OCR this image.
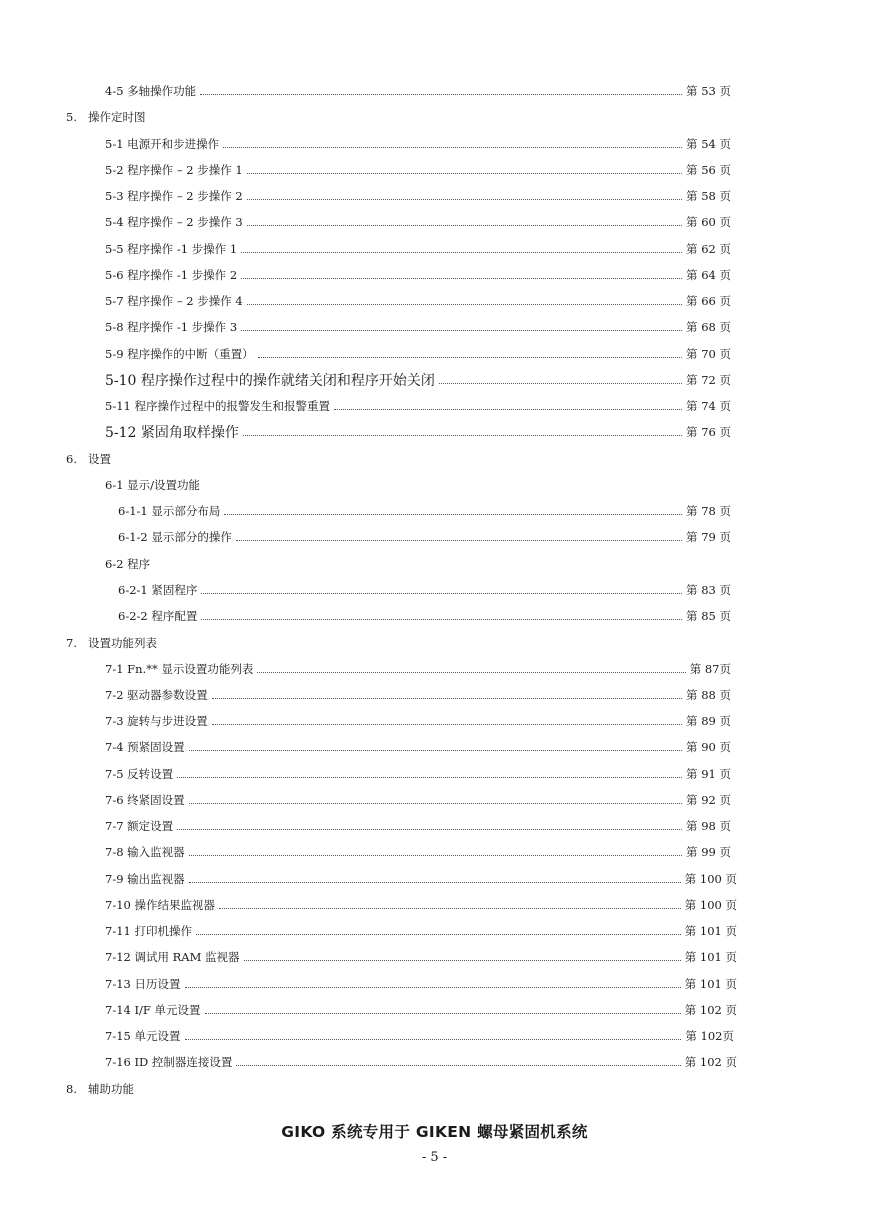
4-5 多轴操作功能	第 53 页
5. 操作定时图
5-1 电源开和步进操作	第 54 页
5-2 程序操作 – 2 步操作 1	第 56 页
5-3 程序操作 – 2 步操作 2	第 58 页
5-4 程序操作 – 2 步操作 3	第 60 页
5-5 程序操作 -1 步操作 1	第 62 页
5-6 程序操作 -1 步操作 2	第 64 页
5-7 程序操作 – 2 步操作 4	第 66 页
5-8 程序操作 -1 步操作 3	第 68 页
5-9 程序操作的中断（重置）	第 70 页
5-10 程序操作过程中的操作就绪关闭和程序开始关闭	第 72 页
5-11 程序操作过程中的报警发生和报警重置	第 74 页
5-12 紧固角取样操作	第 76 页
6. 设置
6-1 显示/设置功能
6-1-1 显示部分布局	第 78 页
6-1-2 显示部分的操作	第 79 页
6-2 程序
6-2-1 紧固程序	第 83 页
6-2-2 程序配置	第 85 页
7. 设置功能列表
7-1 Fn.** 显示设置功能列表	第 87页
7-2 驱动器参数设置	第 88 页
7-3 旋转与步进设置	第 89 页
7-4 预紧固设置	第 90 页
7-5 反转设置	第 91 页
7-6 终紧固设置	第 92 页
7-7 额定设置	第 98 页
7-8 输入监视器	第 99 页
7-9 输出监视器	第 100 页
7-10 操作结果监视器	第 100 页
7-11 打印机操作	第 101 页
7-12 调试用 RAM 监视器	第 101 页
7-13 日历设置	第 101 页
7-14 I/F 单元设置	第 102 页
7-15 单元设置	第 102页
7-16 ID 控制器连接设置	第 102 页
8. 辅助功能
GIKO 系统专用于 GIKEN 螺母紧固机系统
- 5 -
